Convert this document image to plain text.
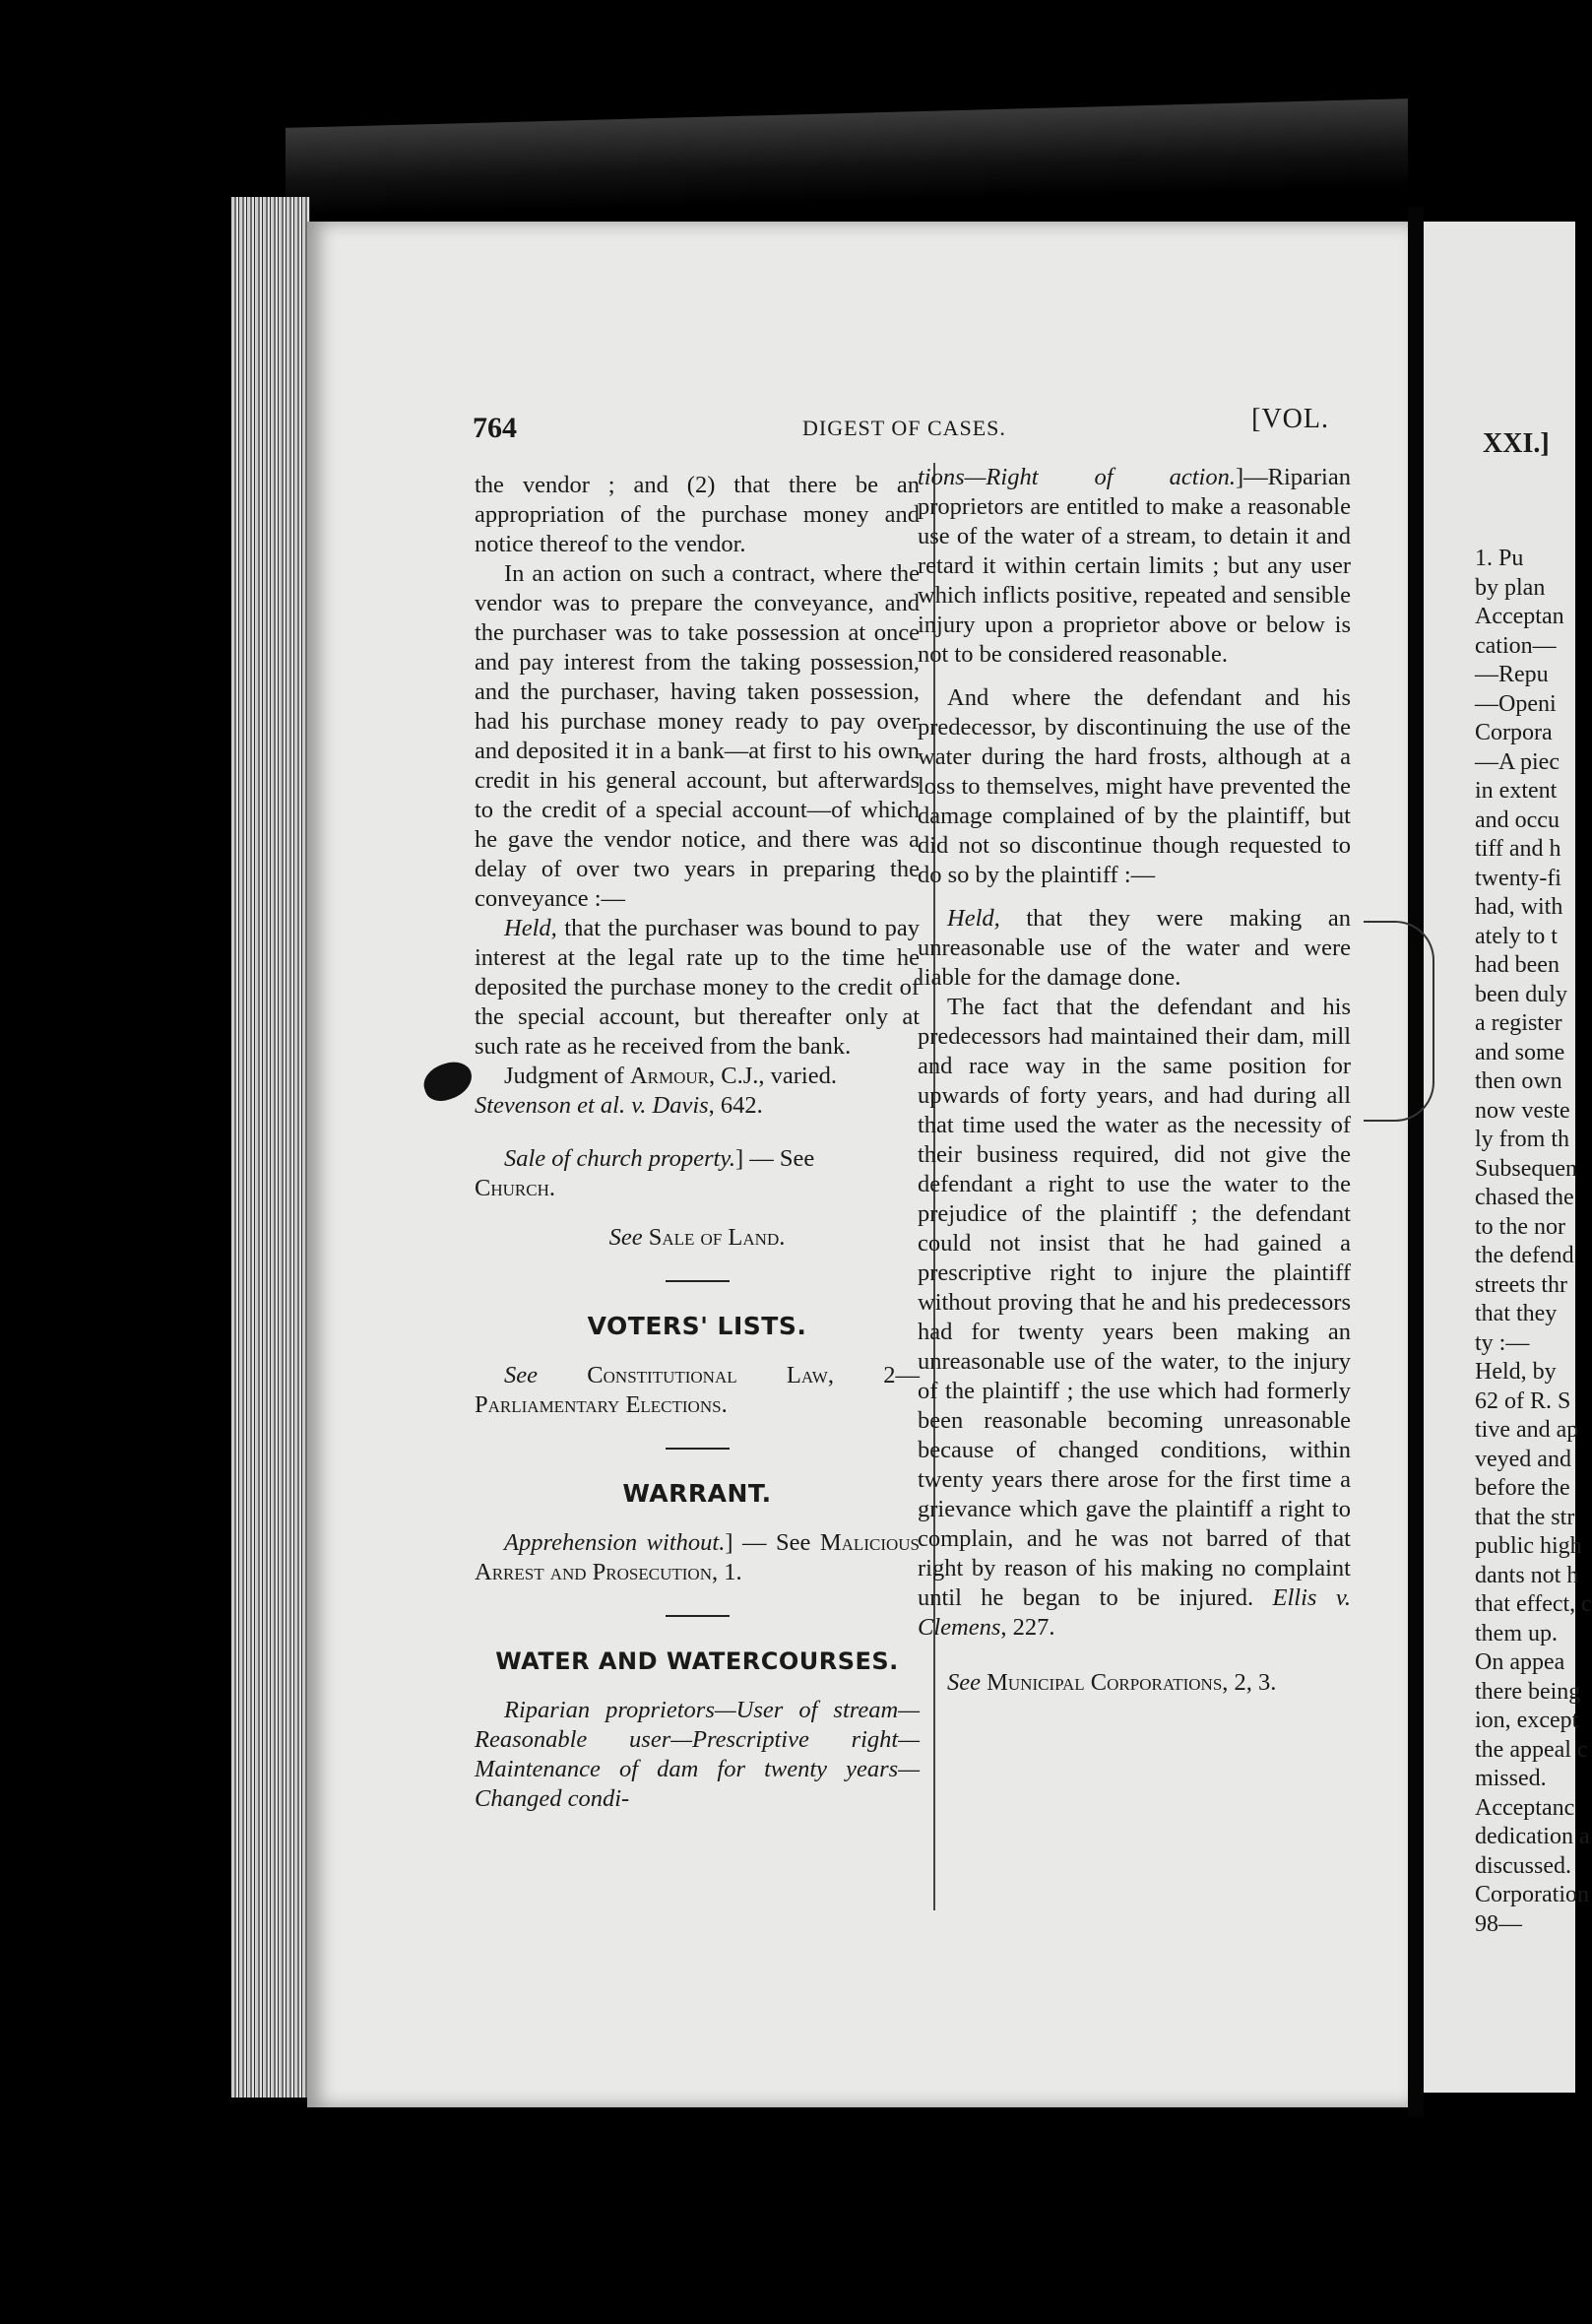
XXI.]
1. Pu
by plan
Acceptan
cation—
—Repu
—Openi
Corpora
—A piec
in extent
and occu
tiff and h
twenty-fi
had, with
ately to t
had been
been duly
a register
and some
then own
now veste
ly from th
Subsequen
chased the
to the nor
the defend
streets thr
that they
ty :—
Held, by
62 of R. S
tive and ap
veyed and
before the
that the str
public high
dants not h
that effect, c
them up.
On appea
there being
ion, except
the appeal c
missed.
Acceptanc
dedication a
discussed.
Corporation
98—
764	DIGEST OF CASES.	[VOL.

the vendor ; and (2) that there be an appropriation of the purchase money and notice thereof to the vendor.

In an action on such a contract, where the vendor was to prepare the conveyance, and the purchaser was to take possession at once and pay interest from the taking possession, and the purchaser, having taken possession, had his purchase money ready to pay over and deposited it in a bank—at first to his own credit in his general account, but afterwards to the credit of a special account—of which he gave the vendor notice, and there was a delay of over two years in preparing the conveyance :—

Held, that the purchaser was bound to pay interest at the legal rate up to the time he deposited the purchase money to the credit of the special account, but thereafter only at such rate as he received from the bank.

Judgment of Armour, C.J., varied.
Stevenson et al. v. Davis, 642.

Sale of church property.] — See
Church.

See Sale of Land.

VOTERS' LISTS.

See Constitutional Law, 2—Parliamentary Elections.

WARRANT.

Apprehension without.] — See Malicious Arrest and Prosecution, 1.

WATER AND WATERCOURSES.

Riparian proprietors—User of stream—Reasonable user—Prescriptive right—Maintenance of dam for twenty years—Changed condi-

tions—Right of action.]—Riparian proprietors are entitled to make a reasonable use of the water of a stream, to detain it and retard it within certain limits ; but any user which inflicts positive, repeated and sensible injury upon a proprietor above or below is not to be considered reasonable.

And where the defendant and his predecessor, by discontinuing the use of the water during the hard frosts, although at a loss to themselves, might have prevented the damage complained of by the plaintiff, but did not so discontinue though requested to do so by the plaintiff :—

Held, that they were making an unreasonable use of the water and were liable for the damage done.

The fact that the defendant and his predecessors had maintained their dam, mill and race way in the same position for upwards of forty years, and had during all that time used the water as the necessity of their business required, did not give the defendant a right to use the water to the prejudice of the plaintiff ; the defendant could not insist that he had gained a prescriptive right to injure the plaintiff without proving that he and his predecessors had for twenty years been making an unreasonable use of the water, to the injury of the plaintiff ; the use which had formerly been reasonable becoming unreasonable because of changed conditions, within twenty years there arose for the first time a grievance which gave the plaintiff a right to complain, and he was not barred of that right by reason of his making no complaint until he began to be injured. Ellis v. Clemens, 227.

See Municipal Corporations, 2, 3.
